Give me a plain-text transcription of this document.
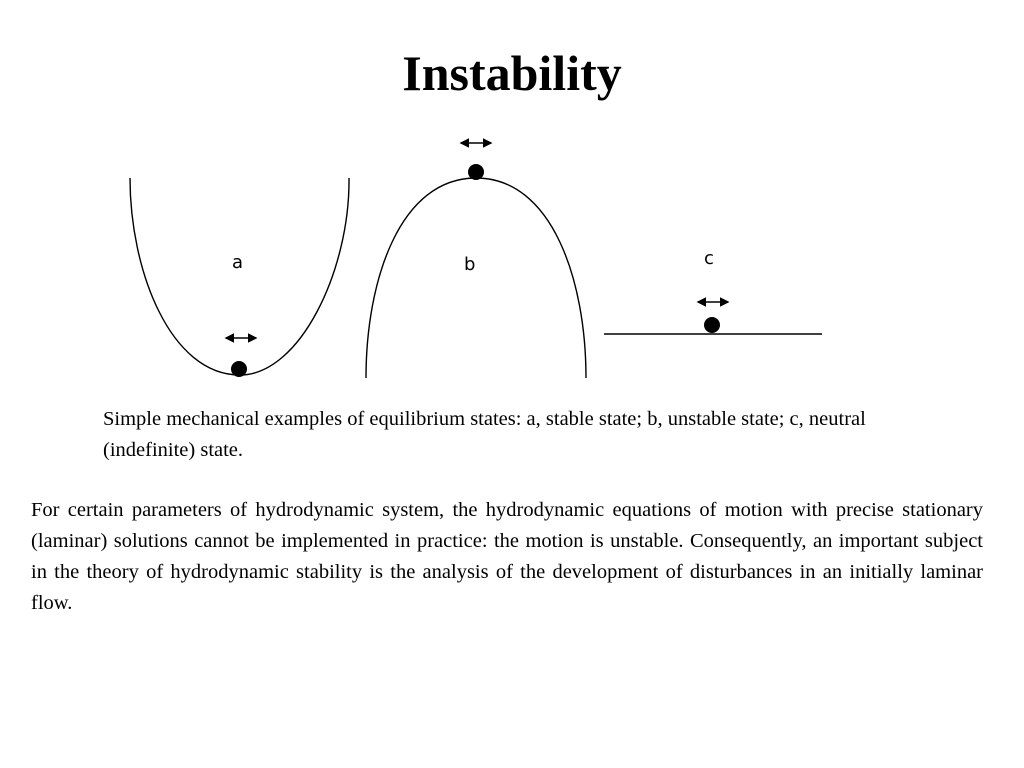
Instability
a	b	c

Simple mechanical examples of equilibrium states: a, stable state; b, unstable state; c, neutral (indefinite) state.

For certain parameters of hydrodynamic system, the hydrodynamic equations of motion with precise stationary (laminar) solutions cannot be implemented in practice: the motion is unstable. Consequently, an important subject in the theory of hydrodynamic stability is the analysis of the development of disturbances in an initially laminar flow.
